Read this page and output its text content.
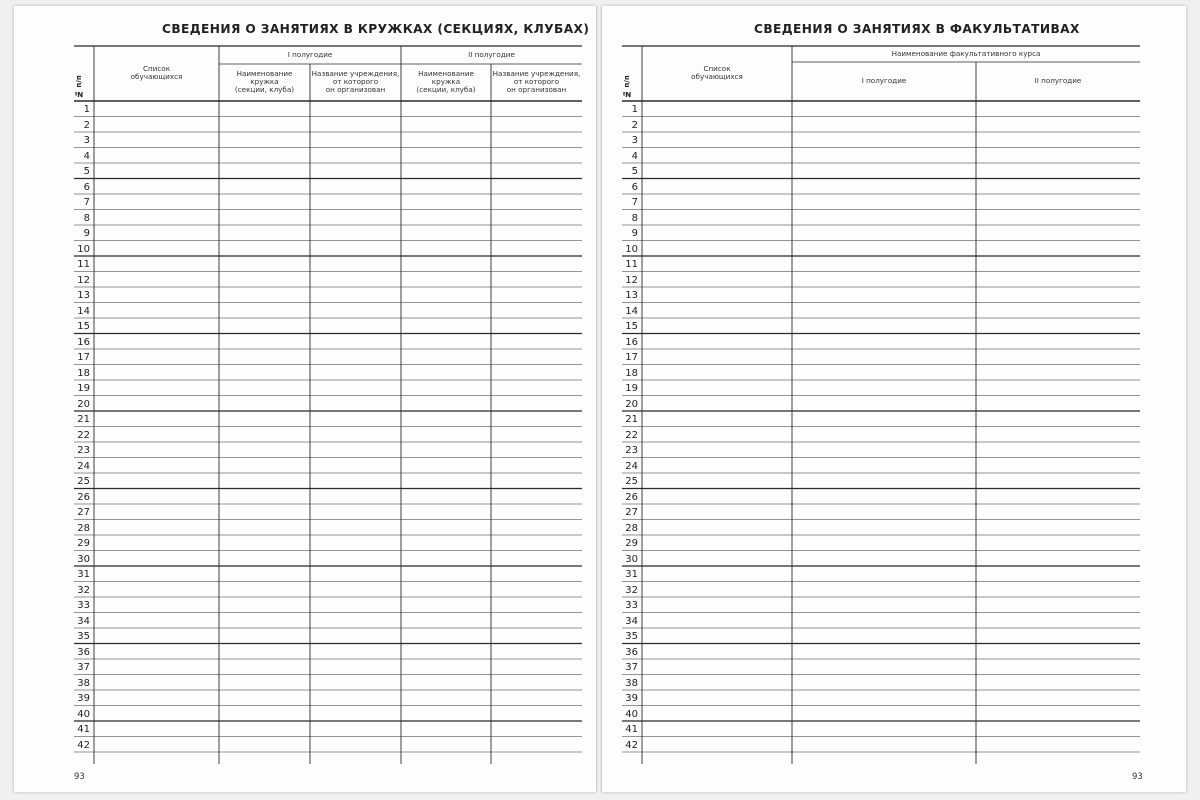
СВЕДЕНИЯ О ЗАНЯТИЯХ В КРУЖКАХ (СЕКЦИЯХ, КЛУБАХ)
№ п/п
Список
обучающихся
I полугодие	II полугодие
Наименование
кружка
(секции, клуба)
Название учреждения,
от которого
он организован
Наименование
кружка
(секции, клуба)
Название учреждения,
от которого
он организован
1
2
3
4
5
6
7
8
9
10
11
12
13
14
15
16
17
18
19
20
21
22
23
24
25
26
27
28
29
30
31
32
33
34
35
36
37
38
39
40
41
42
93
СВЕДЕНИЯ О ЗАНЯТИЯХ В ФАКУЛЬТАТИВАХ
№ п/п
Список
обучающихся
Наименование факультативного курса
I полугодие	II полугодие
1
2
3
4
5
6
7
8
9
10
11
12
13
14
15
16
17
18
19
20
21
22
23
24
25
26
27
28
29
30
31
32
33
34
35
36
37
38
39
40
41
42
93
